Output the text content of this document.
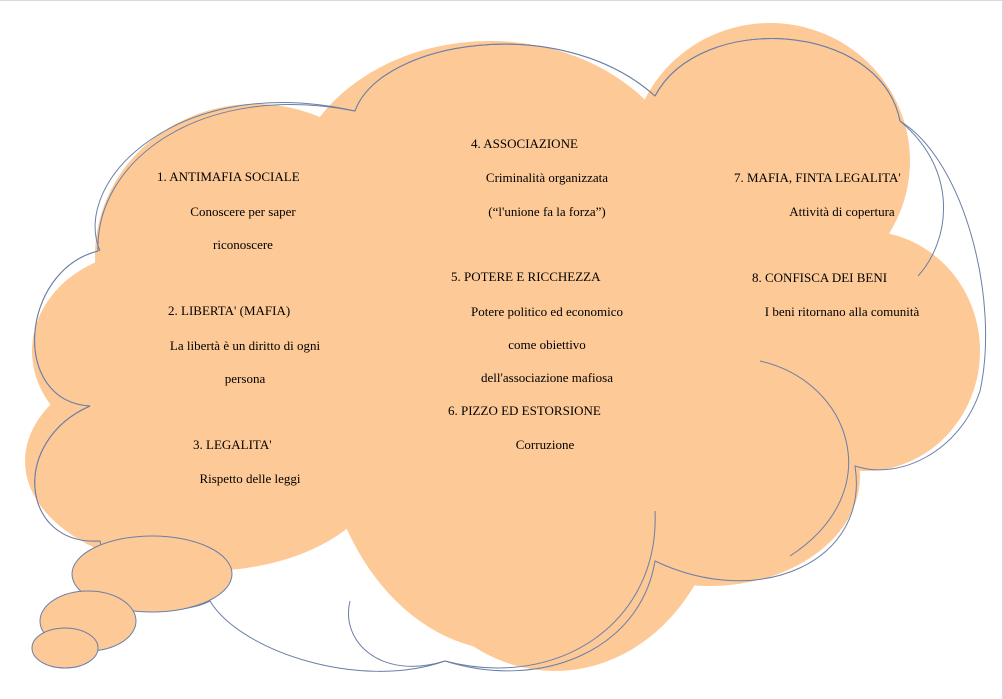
1. ANTIMAFIA SOCIALE
Conoscere per saper
riconoscere
2. LIBERTA' (MAFIA)
La libertà è un diritto di ogni
persona
3. LEGALITA'
Rispetto delle leggi
4. ASSOCIAZIONE
Criminalità organizzata
(“l'unione fa la forza”)
5. POTERE E RICCHEZZA
Potere politico ed economico
come obiettivo
dell'associazione mafiosa
6. PIZZO ED ESTORSIONE
Corruzione
7. MAFIA, FINTA LEGALITA'
Attività di copertura
8. CONFISCA DEI BENI
I beni ritornano alla comunità
